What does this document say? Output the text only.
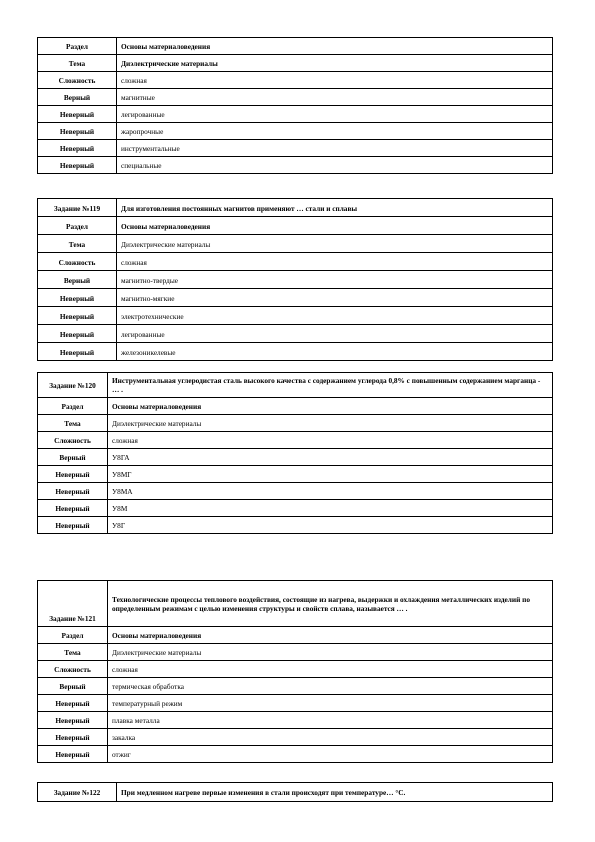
Раздел	Основы материаловедения
Тема	Диэлектрические материалы
Сложность	сложная
Верный	магнитные
Неверный	легированные
Неверный	жаропрочные
Неверный	инструментальные
Неверный	специальные
Задание №119	Для изготовления постоянных магнитов применяют … стали и сплавы
Раздел	Основы материаловедения
Тема	Диэлектрические материалы
Сложность	сложная
Верный	магнитно-твердые
Неверный	магнитно-мягкие
Неверный	электротехнические
Неверный	легированные
Неверный	железоникелевые
Задание №120	Инструментальная углеродистая сталь высокого качества с содержанием углерода 0,8% с повышенным содержанием марганца - … .
Раздел	Основы материаловедения
Тема	Диэлектрические материалы
Сложность	сложная
Верный	У8ГА
Неверный	У8МГ
Неверный	У8МА
Неверный	У8М
Неверный	У8Г
Задание №121	Технологические процессы теплового воздействия, состоящие из нагрева, выдержки и охлаждения металлических изделий по определенным режимам с целью изменения структуры и свойств сплава, называется … .
Раздел	Основы материаловедения
Тема	Диэлектрические материалы
Сложность	сложная
Верный	термическая обработка
Неверный	температурный режим
Неверный	плавка металла
Неверный	закалка
Неверный	отжиг
Задание №122	При медленном нагреве первые изменения в стали происходят при температуре… °С.
